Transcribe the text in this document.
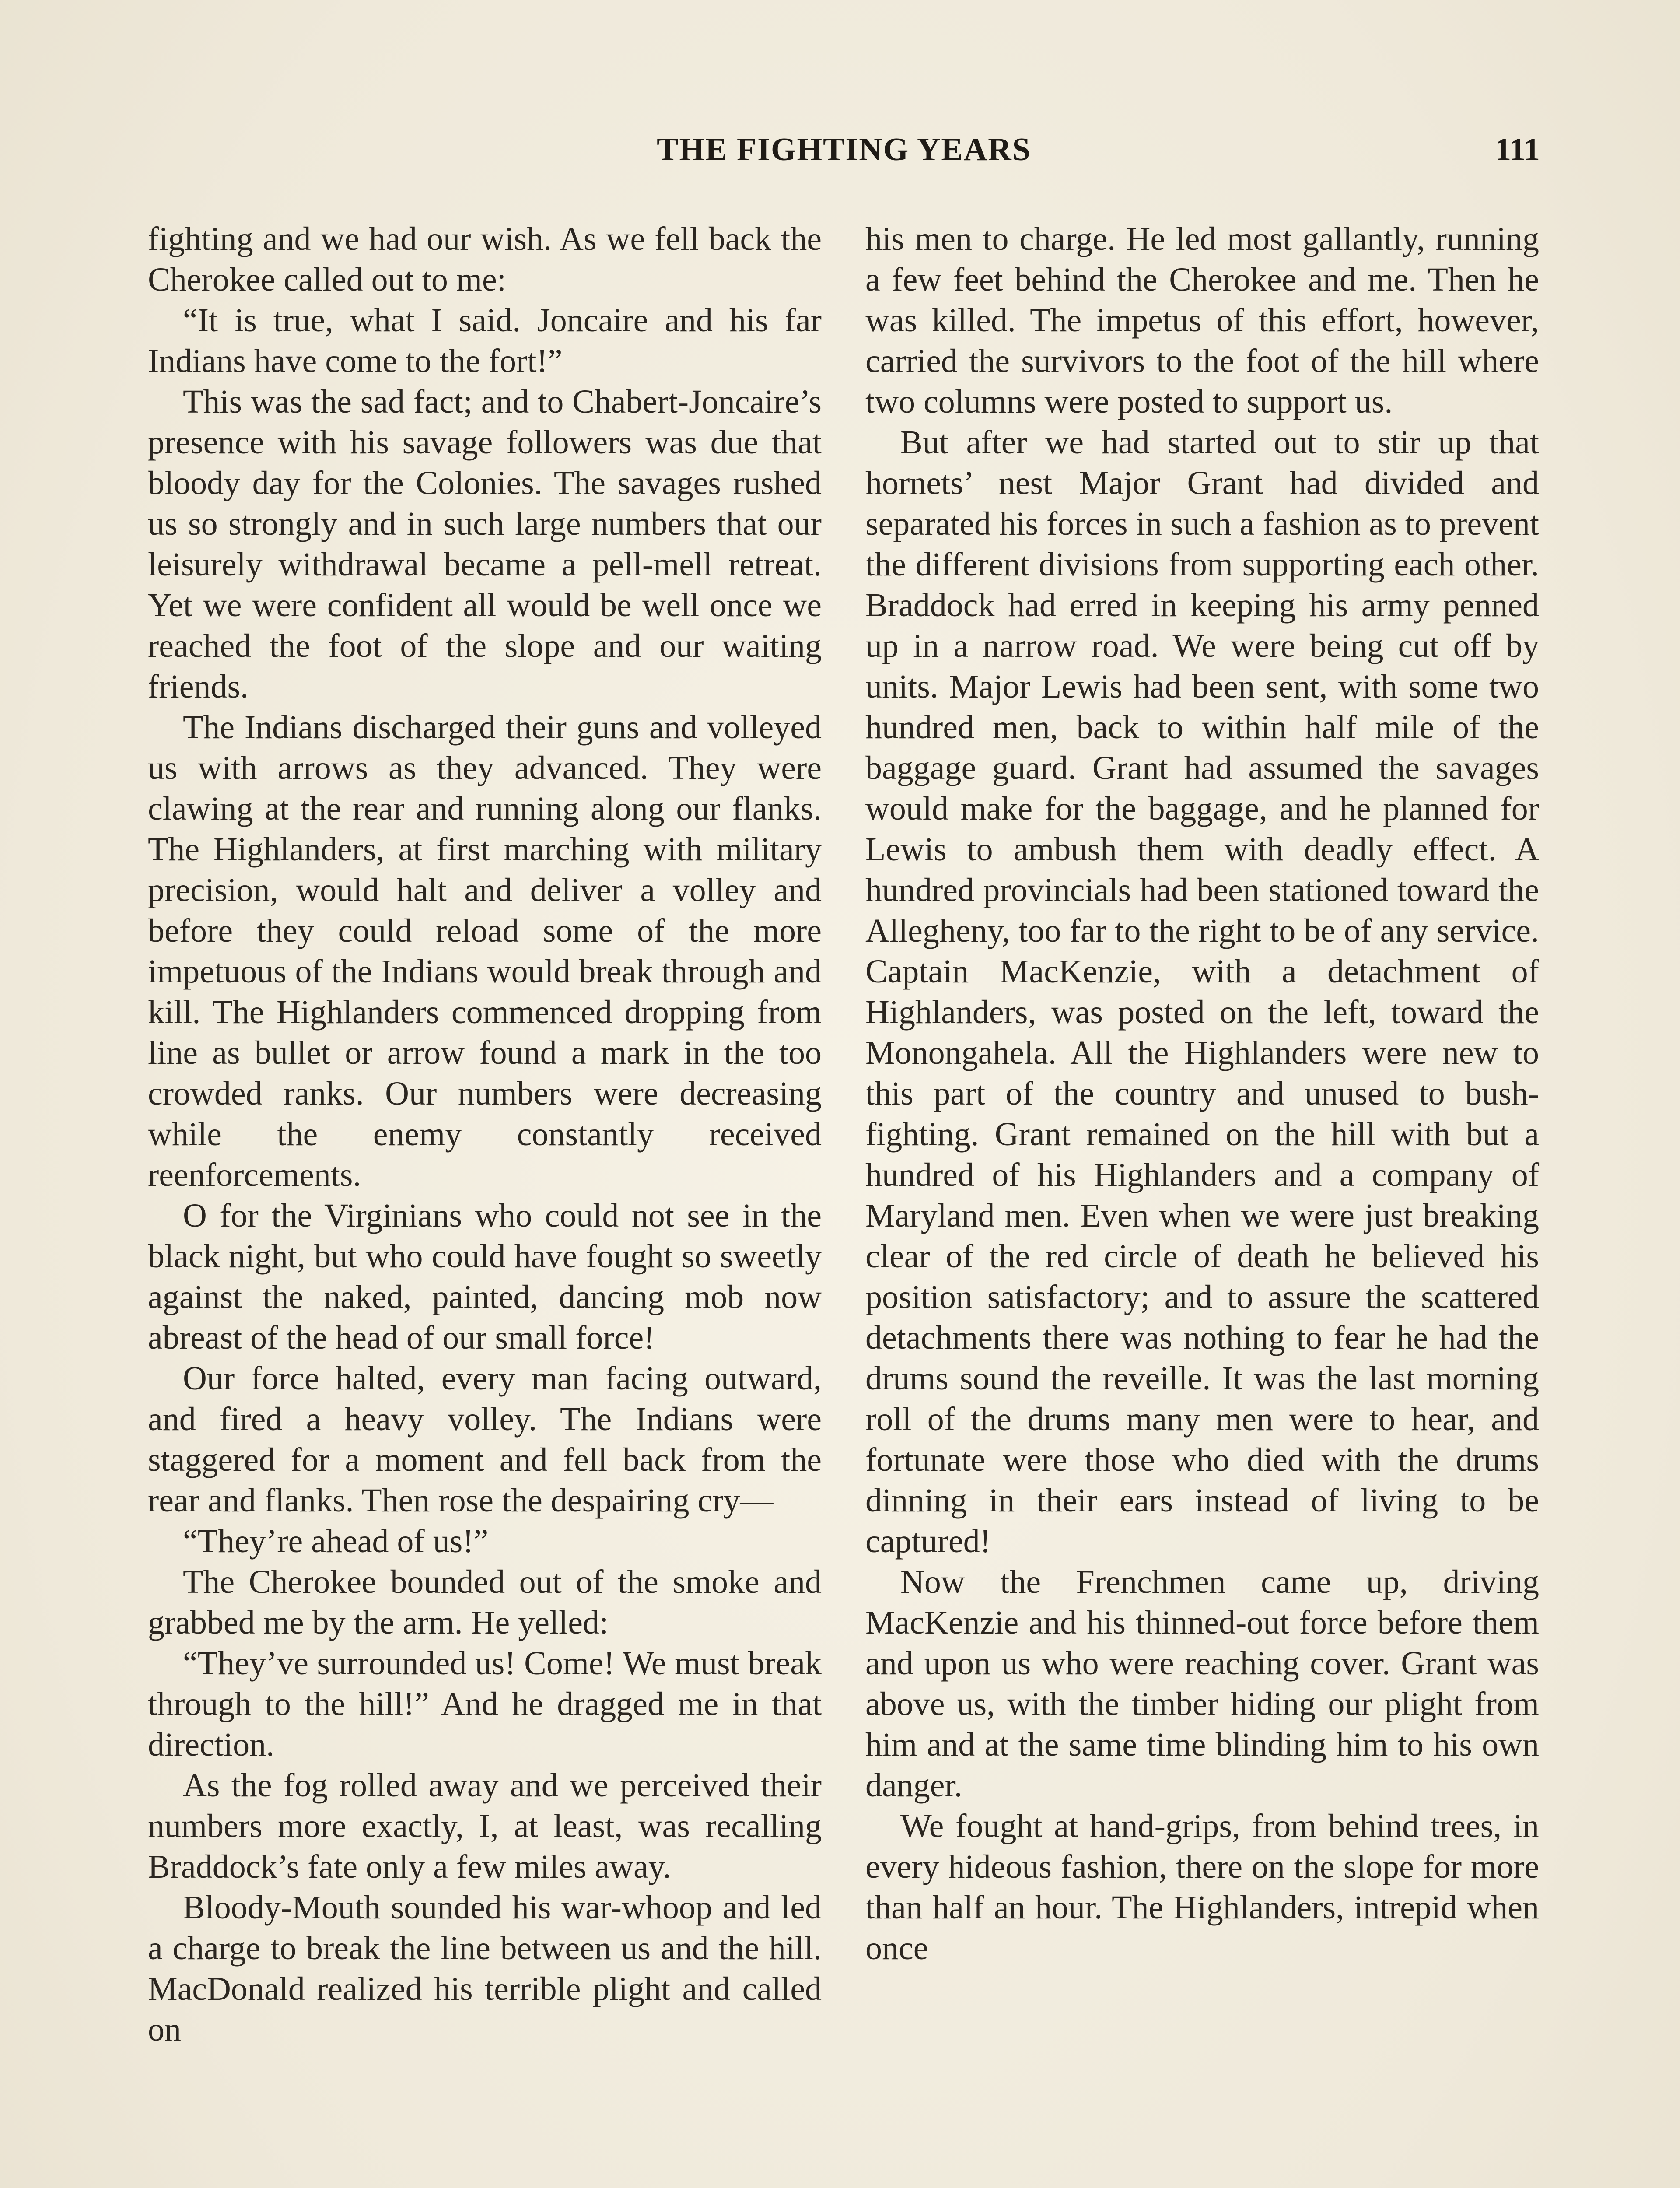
THE FIGHTING YEARS	111

fighting and we had our wish. As we fell back the Cherokee called out to me:

“It is true, what I said. Joncaire and his far Indians have come to the fort!”

This was the sad fact; and to Chabert-Joncaire’s presence with his savage followers was due that bloody day for the Colonies. The savages rushed us so strongly and in such large numbers that our leisurely withdrawal became a pell-mell retreat. Yet we were confident all would be well once we reached the foot of the slope and our waiting friends.

The Indians discharged their guns and volleyed us with arrows as they advanced. They were clawing at the rear and running along our flanks. The Highlanders, at first marching with military precision, would halt and deliver a volley and before they could reload some of the more impetuous of the Indians would break through and kill. The Highlanders commenced dropping from line as bullet or arrow found a mark in the too crowded ranks. Our numbers were decreasing while the enemy constantly received reenforcements.

O for the Virginians who could not see in the black night, but who could have fought so sweetly against the naked, painted, dancing mob now abreast of the head of our small force!

Our force halted, every man facing outward, and fired a heavy volley. The Indians were staggered for a moment and fell back from the rear and flanks. Then rose the despairing cry—

“They’re ahead of us!”

The Cherokee bounded out of the smoke and grabbed me by the arm. He yelled:

“They’ve surrounded us! Come! We must break through to the hill!” And he dragged me in that direction.

As the fog rolled away and we perceived their numbers more exactly, I, at least, was recalling Braddock’s fate only a few miles away.

Bloody-Mouth sounded his war-whoop and led a charge to break the line between us and the hill. MacDonald realized his terrible plight and called on

his men to charge. He led most gallantly, running a few feet behind the Cherokee and me. Then he was killed. The impetus of this effort, however, carried the survivors to the foot of the hill where two columns were posted to support us.

But after we had started out to stir up that hornets’ nest Major Grant had divided and separated his forces in such a fashion as to prevent the different divisions from supporting each other. Braddock had erred in keeping his army penned up in a narrow road. We were being cut off by units. Major Lewis had been sent, with some two hundred men, back to within half mile of the baggage guard. Grant had assumed the savages would make for the baggage, and he planned for Lewis to ambush them with deadly effect. A hundred provincials had been stationed toward the Allegheny, too far to the right to be of any service. Captain MacKenzie, with a detachment of Highlanders, was posted on the left, toward the Monongahela. All the Highlanders were new to this part of the country and unused to bush-fighting. Grant remained on the hill with but a hundred of his Highlanders and a company of Maryland men. Even when we were just breaking clear of the red circle of death he believed his position satisfactory; and to assure the scattered detachments there was nothing to fear he had the drums sound the reveille. It was the last morning roll of the drums many men were to hear, and fortunate were those who died with the drums dinning in their ears instead of living to be captured!

Now the Frenchmen came up, driving MacKenzie and his thinned-out force before them and upon us who were reaching cover. Grant was above us, with the timber hiding our plight from him and at the same time blinding him to his own danger.

We fought at hand-grips, from behind trees, in every hideous fashion, there on the slope for more than half an hour. The Highlanders, intrepid when once
